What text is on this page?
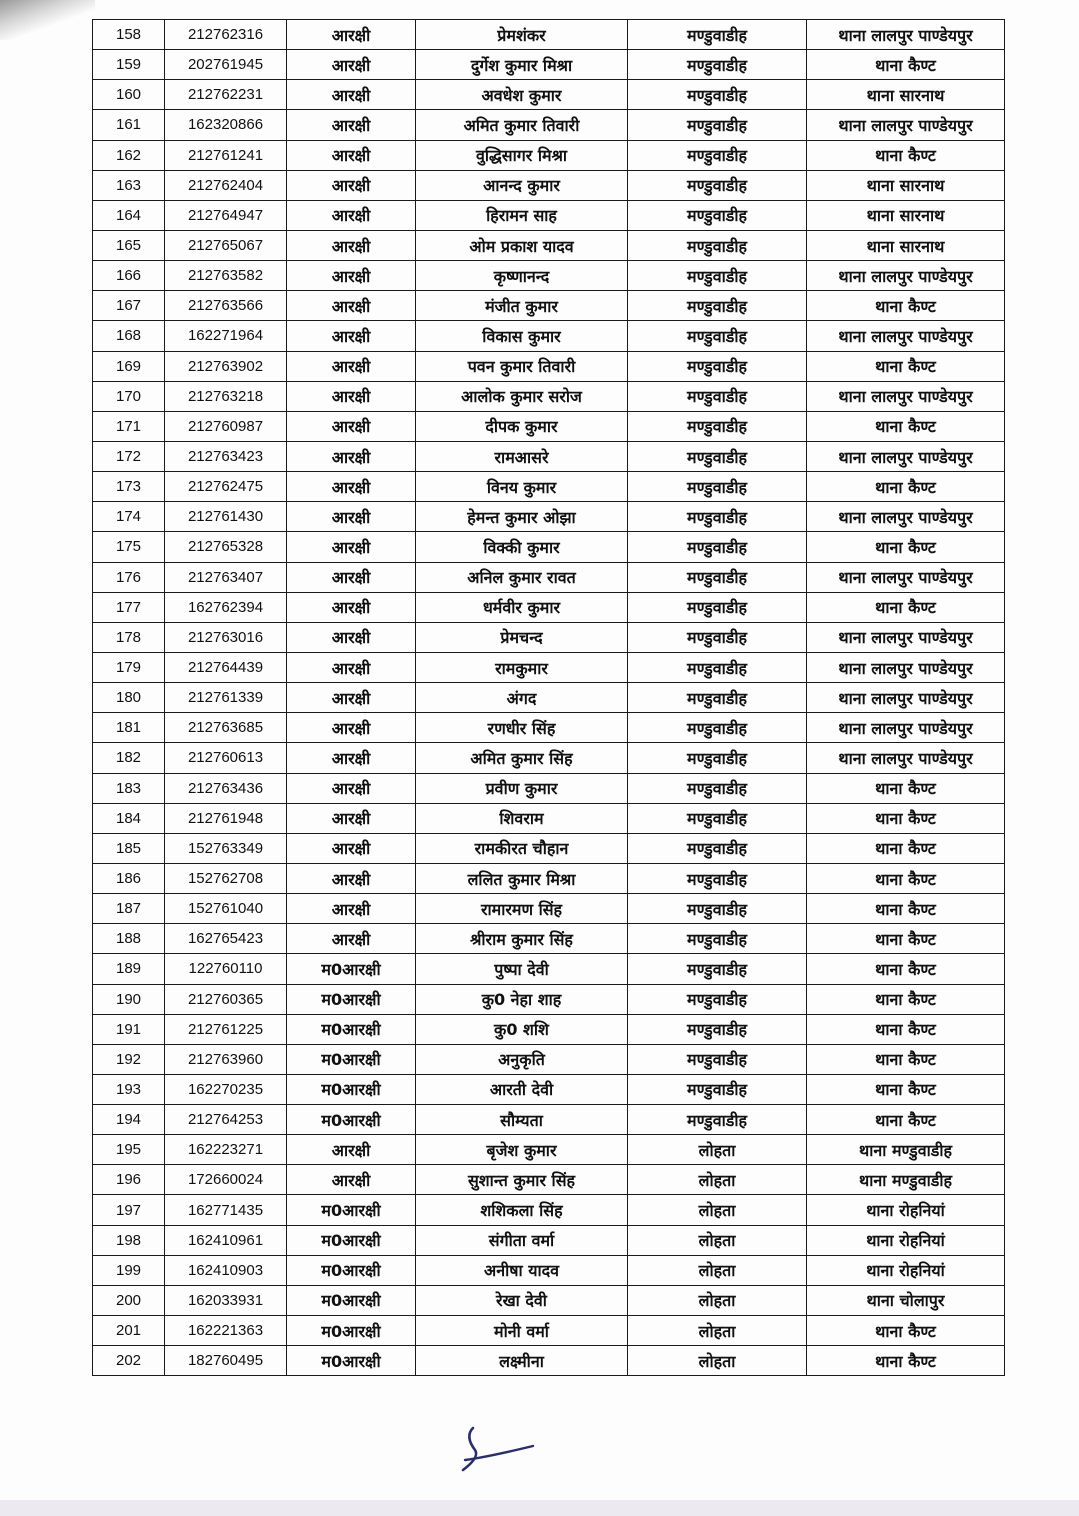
158	212762316	आरक्षी	प्रेमशंकर	मण्डुवाडीह	थाना लालपुर पाण्डेयपुर
159	202761945	आरक्षी	दुर्गेश कुमार मिश्रा	मण्डुवाडीह	थाना कैण्ट
160	212762231	आरक्षी	अवधेश कुमार	मण्डुवाडीह	थाना सारनाथ
161	162320866	आरक्षी	अमित कुमार तिवारी	मण्डुवाडीह	थाना लालपुर पाण्डेयपुर
162	212761241	आरक्षी	वुद्धिसागर मिश्रा	मण्डुवाडीह	थाना कैण्ट
163	212762404	आरक्षी	आनन्द कुमार	मण्डुवाडीह	थाना सारनाथ
164	212764947	आरक्षी	हिरामन साह	मण्डुवाडीह	थाना सारनाथ
165	212765067	आरक्षी	ओम प्रकाश यादव	मण्डुवाडीह	थाना सारनाथ
166	212763582	आरक्षी	कृष्णानन्द	मण्डुवाडीह	थाना लालपुर पाण्डेयपुर
167	212763566	आरक्षी	मंजीत कुमार	मण्डुवाडीह	थाना कैण्ट
168	162271964	आरक्षी	विकास कुमार	मण्डुवाडीह	थाना लालपुर पाण्डेयपुर
169	212763902	आरक्षी	पवन कुमार तिवारी	मण्डुवाडीह	थाना कैण्ट
170	212763218	आरक्षी	आलोक कुमार सरोज	मण्डुवाडीह	थाना लालपुर पाण्डेयपुर
171	212760987	आरक्षी	दीपक कुमार	मण्डुवाडीह	थाना कैण्ट
172	212763423	आरक्षी	रामआसरे	मण्डुवाडीह	थाना लालपुर पाण्डेयपुर
173	212762475	आरक्षी	विनय कुमार	मण्डुवाडीह	थाना कैण्ट
174	212761430	आरक्षी	हेमन्त कुमार ओझा	मण्डुवाडीह	थाना लालपुर पाण्डेयपुर
175	212765328	आरक्षी	विक्की कुमार	मण्डुवाडीह	थाना कैण्ट
176	212763407	आरक्षी	अनिल कुमार रावत	मण्डुवाडीह	थाना लालपुर पाण्डेयपुर
177	162762394	आरक्षी	धर्मवीर कुमार	मण्डुवाडीह	थाना कैण्ट
178	212763016	आरक्षी	प्रेमचन्द	मण्डुवाडीह	थाना लालपुर पाण्डेयपुर
179	212764439	आरक्षी	रामकुमार	मण्डुवाडीह	थाना लालपुर पाण्डेयपुर
180	212761339	आरक्षी	अंगद	मण्डुवाडीह	थाना लालपुर पाण्डेयपुर
181	212763685	आरक्षी	रणधीर सिंह	मण्डुवाडीह	थाना लालपुर पाण्डेयपुर
182	212760613	आरक्षी	अमित कुमार सिंह	मण्डुवाडीह	थाना लालपुर पाण्डेयपुर
183	212763436	आरक्षी	प्रवीण कुमार	मण्डुवाडीह	थाना कैण्ट
184	212761948	आरक्षी	शिवराम	मण्डुवाडीह	थाना कैण्ट
185	152763349	आरक्षी	रामकीरत चौहान	मण्डुवाडीह	थाना कैण्ट
186	152762708	आरक्षी	ललित कुमार मिश्रा	मण्डुवाडीह	थाना कैण्ट
187	152761040	आरक्षी	रामारमण सिंह	मण्डुवाडीह	थाना कैण्ट
188	162765423	आरक्षी	श्रीराम कुमार सिंह	मण्डुवाडीह	थाना कैण्ट
189	122760110	म0आरक्षी	पुष्पा देवी	मण्डुवाडीह	थाना कैण्ट
190	212760365	म0आरक्षी	कु0 नेहा शाह	मण्डुवाडीह	थाना कैण्ट
191	212761225	म0आरक्षी	कु0 शशि	मण्डुवाडीह	थाना कैण्ट
192	212763960	म0आरक्षी	अनुकृति	मण्डुवाडीह	थाना कैण्ट
193	162270235	म0आरक्षी	आरती देवी	मण्डुवाडीह	थाना कैण्ट
194	212764253	म0आरक्षी	सौम्यता	मण्डुवाडीह	थाना कैण्ट
195	162223271	आरक्षी	बृजेश कुमार	लोहता	थाना मण्डुवाडीह
196	172660024	आरक्षी	सुशान्त कुमार सिंह	लोहता	थाना मण्डुवाडीह
197	162771435	म0आरक्षी	शशिकला सिंह	लोहता	थाना रोहनियां
198	162410961	म0आरक्षी	संगीता वर्मा	लोहता	थाना रोहनियां
199	162410903	म0आरक्षी	अनीषा यादव	लोहता	थाना रोहनियां
200	162033931	म0आरक्षी	रेखा देवी	लोहता	थाना चोलापुर
201	162221363	म0आरक्षी	मोनी वर्मा	लोहता	थाना कैण्ट
202	182760495	म0आरक्षी	लक्ष्मीना	लोहता	थाना कैण्ट
